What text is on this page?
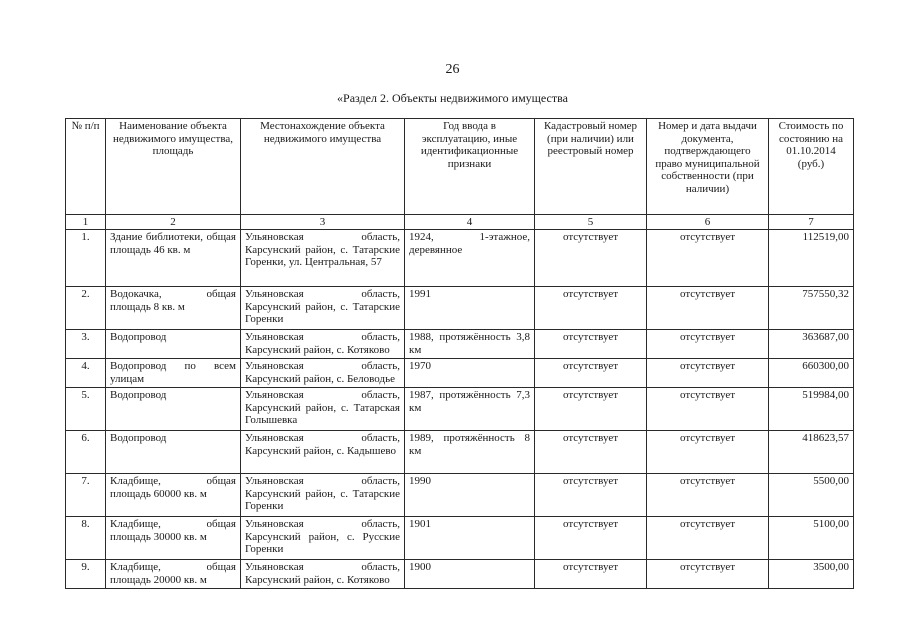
26
«Раздел 2. Объекты недвижимого имущества
№ п/п	Наименование объекта недвижимого имущества, площадь	Местонахождение объекта недвижимого имущества	Год ввода в эксплуатацию, иные идентификационные признаки	Кадастровый номер (при наличии) или реестровый номер	Номер и дата выдачи документа, подтверждающего право муниципальной собственности (при наличии)	Стоимость по состоянию на 01.10.2014 (руб.)
1	2	3	4	5	6	7
1.	Здание библиотеки, общая площадь 46 кв. м	Ульяновская область, Карсунский район, с. Татарские Горенки, ул. Центральная, 57	1924, 1-этажное, деревянное	отсутствует	отсутствует	112519,00
2.	Водокачка, общая площадь 8 кв. м	Ульяновская область, Карсунский район, с. Татарские Горенки	1991	отсутствует	отсутствует	757550,32
3.	Водопровод	Ульяновская область, Карсунский район, с. Котяково	1988, протяжённость 3,8 км	отсутствует	отсутствует	363687,00
4.	Водопровод по всем улицам	Ульяновская область, Карсунский район, с. Беловодье	1970	отсутствует	отсутствует	660300,00
5.	Водопровод	Ульяновская область, Карсунский район, с. Татарская Голышевка	1987, протяжённость 7,3 км	отсутствует	отсутствует	519984,00
6.	Водопровод	Ульяновская область, Карсунский район, с. Кадышево	1989, протяжённость 8 км	отсутствует	отсутствует	418623,57
7.	Кладбище, общая площадь 60000 кв. м	Ульяновская область, Карсунский район, с. Татарские Горенки	1990	отсутствует	отсутствует	5500,00
8.	Кладбище, общая площадь 30000 кв. м	Ульяновская область, Карсунский район, с. Русские Горенки	1901	отсутствует	отсутствует	5100,00
9.	Кладбище, общая площадь 20000 кв. м	Ульяновская область, Карсунский район, с. Котяково	1900	отсутствует	отсутствует	3500,00
